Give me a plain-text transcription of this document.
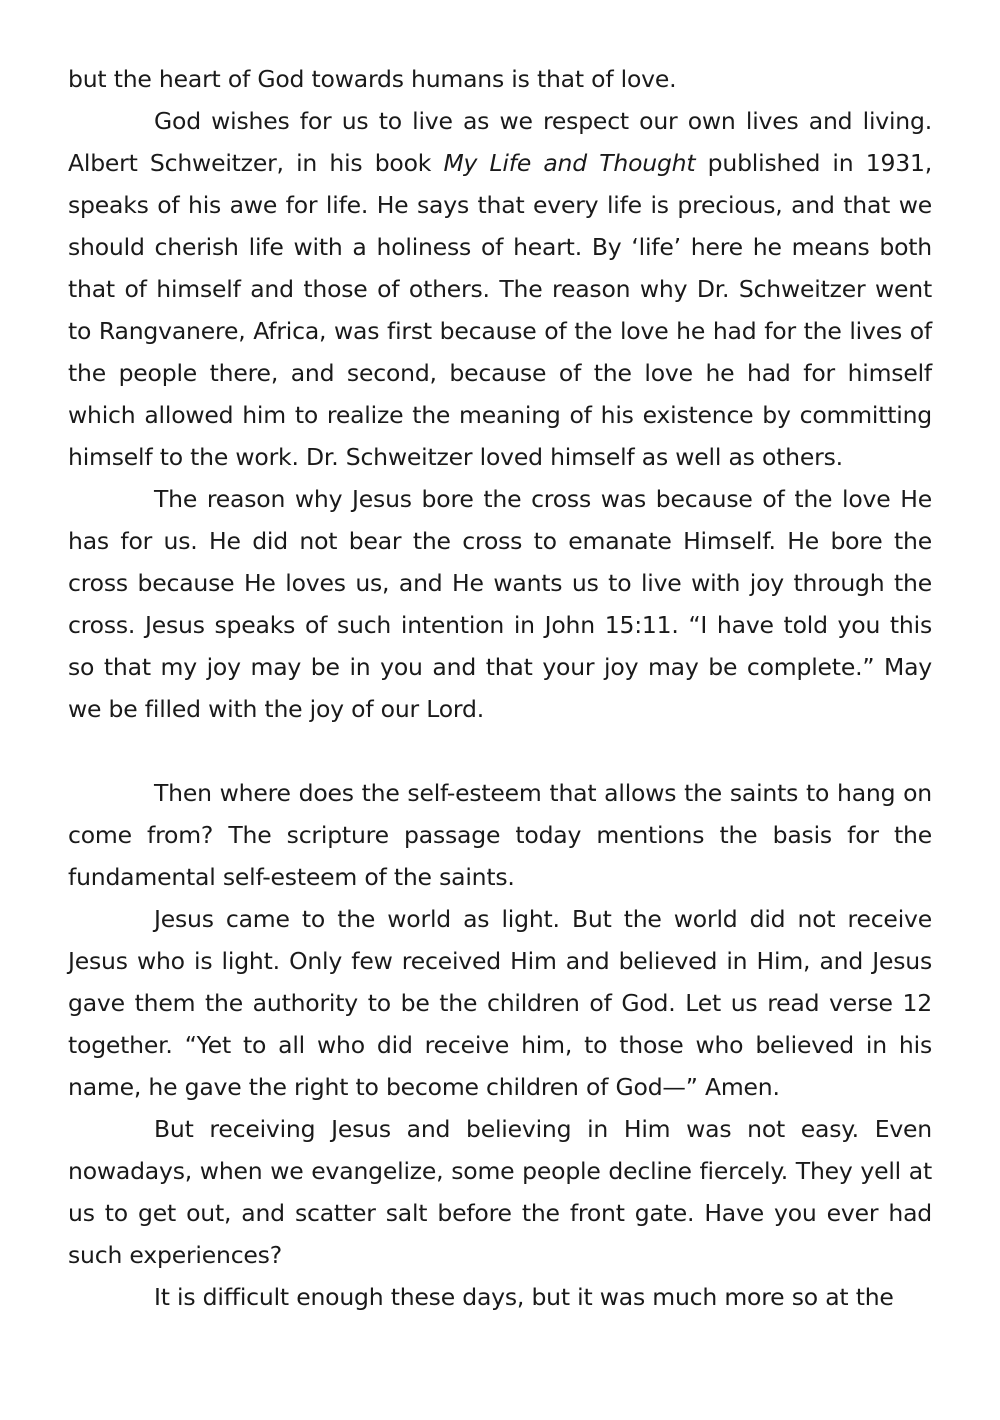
but the heart of God towards humans is that of love.

God wishes for us to live as we respect our own lives and living. Albert Schweitzer, in his book My Life and Thought published in 1931, speaks of his awe for life. He says that every life is precious, and that we should cherish life with a holiness of heart. By ‘life’ here he means both that of himself and those of others. The reason why Dr. Schweitzer went to Rangvanere, Africa, was first because of the love he had for the lives of the people there, and second, because of the love he had for himself which allowed him to realize the meaning of his existence by committing himself to the work. Dr. Schweitzer loved himself as well as others.

The reason why Jesus bore the cross was because of the love He has for us. He did not bear the cross to emanate Himself. He bore the cross because He loves us, and He wants us to live with joy through the cross. Jesus speaks of such intention in John 15:11. “I have told you this so that my joy may be in you and that your joy may be complete.” May we be filled with the joy of our Lord.

Then where does the self-esteem that allows the saints to hang on come from? The scripture passage today mentions the basis for the fundamental self-esteem of the saints.

Jesus came to the world as light. But the world did not receive Jesus who is light. Only few received Him and believed in Him, and Jesus gave them the authority to be the children of God. Let us read verse 12 together. “Yet to all who did receive him, to those who believed in his name, he gave the right to become children of God—” Amen.

But receiving Jesus and believing in Him was not easy. Even nowadays, when we evangelize, some people decline fiercely. They yell at us to get out, and scatter salt before the front gate. Have you ever had such experiences?

It is difficult enough these days, but it was much more so at the
